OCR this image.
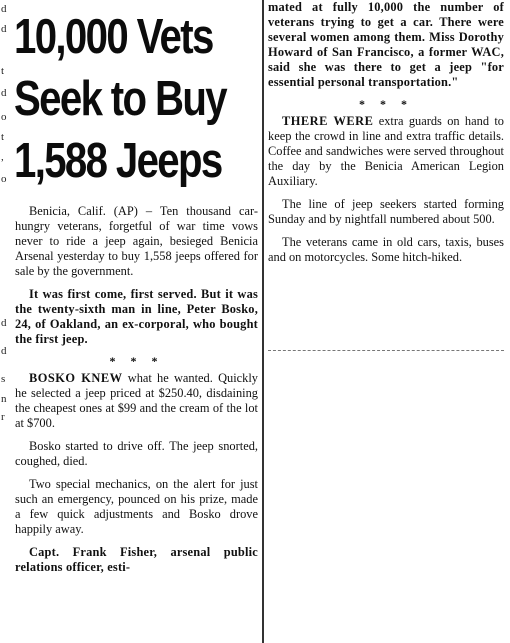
d
d
t
d
o
t
,
o
d
d
s
n
r
10,000 Vets
Seek to Buy
1,588 Jeeps

Benicia, Calif. (AP) – Ten thousand car-hungry veterans, forgetful of war time vows never to ride a jeep again, besieged Benicia Arsenal yesterday to buy 1,558 jeeps offered for sale by the government.

It was first come, first served. But it was the twenty-sixth man in line, Peter Bosko, 24, of Oakland, an ex-corporal, who bought the first jeep.

* * *

BOSKO KNEW what he wanted. Quickly he selected a jeep priced at $250.40, disdaining the cheapest ones at $99 and the cream of the lot at $700.

Bosko started to drive off. The jeep snorted, coughed, died.

Two special mechanics, on the alert for just such an emergency, pounced on his prize, made a few quick adjustments and Bosko drove happily away.

Capt. Frank Fisher, arsenal public relations officer, esti-

mated at fully 10,000 the number of veterans trying to get a car. There were several women among them. Miss Dorothy Howard of San Francisco, a former WAC, said she was there to get a jeep "for essential personal transportation."

* * *

THERE WERE extra guards on hand to keep the crowd in line and extra traffic details. Coffee and sandwiches were served throughout the day by the Benicia American Legion Auxiliary.

The line of jeep seekers started forming Sunday and by nightfall numbered about 500.

The veterans came in old cars, taxis, buses and on motorcycles. Some hitch-hiked.
